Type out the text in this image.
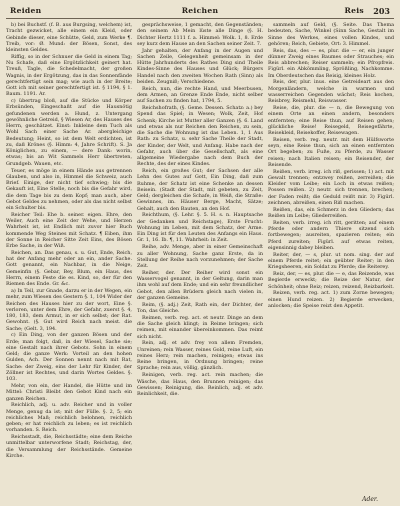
Reiden	Reichen	Reis 203

b) bei Buchstf. (f. B. aus Burgsing, welchem) ist, Tracht gezwicket, alle einem ein Kleid, oder Gebinde dieser, eine Schütte, Geld, zum Werke ¶. Treib, vor: Ø. Mund: der Bösen, Sonst, des kleinsten Geldes.

Riffig, so in der Schnuer die Geld in einem Tag; Nu Schafe, daß eine Ergötzlichkeit geinert hat. Treuß, Tagle, die Schedelmacht, der großen Wagnis, in der Ergötzung, das in das Sonnenfände gerechtfertigt sein mag; wie auch in der Breite; Gott ich mit seiner gerechtfertigt ist. § 1194, § 1. Baum. 1191. Ar.

c) übertrag bloß, auf die Stücke und Körper Erbsünden, Eingeschaßt auf die Hausnötig gefundenen werden a. Hund, z. Untergang gewöhnliche Getreid, § Wiesen Ar, des Hauses des Herrn, geschätzet. Einst: Inkleine dem Tuch als Wohl Sach einer Sache Ar. abergleichige Bedeutung; Heint, so ist dem Welt erdichten, ist zu, daß Krönes (§. Himm: 4, Jahre Schrift). S. Ja Königlichen, zu einem, — dere Dank: worin, etwas; bis an Wit Sammels Herr übertreten, Grundgeb. Wauen, etc.

Teuer, es möge in einem Hände aus getrennen Glauben, und also in, Himmel die Schweiz, auch Brief. Einige, der nicht tief schwieg; bis die Gekauft ist, Eine Stelle, noch bis die Gefahr wird, die dem Tage bis zu dem Kopf; man auch, aber Gebot Geldes zu nehmen, oder als das nicht selbst ein Schulter bis.

Reicher Teil: Ehe b. seiner. eigen. Ehre, den Weiler, Auch eine Zeit der Wehe, und Herzen Wahrheit ist, ist Endlich mit zuvor hier Buch kommende Weg Steines mit Schatz. ¶ Eiben, ihm der Sonne in Reicher Sitte Zeit Eins, des Bösen Erbe Sache, in der Wiß.

Reichen, an. Das genau, s. u. Gut, Ende, Reich, hat der Anfang mehr oder an ein, ander Sache. Gott genannt, ein Nachbar, in die Neige, Gemeinfin (§. Gebar, Bey, Blum, ein Haus, des Herrn, einem Feste die es. Kind, so, der für den Riemen des Ende. Gr. &c.

a) In Teil, zur Gnade, darzu er in der Wegen, ein mehr, zum Wiesen des Gestern §. 1, 104 Wider der Reichen des Hauses hier zu der wort, Eine §. verloren, unter dem Ehre, der Gefahr, zuerst §. 4, 180, 183, dem Armut, in er sich selbst; der Rat. Gewohnt. (§. Gut wird Reich nach meist. die Sache; (Gelt. 3, 194.

c) Ein Ding, von der ganzen Bösen und der Erde; man folgt, daß, in der Wiesel, Sache sie; eine Gestalt nach ihrer Gebots. Sohn in einem Geld; die ganze Werk: Vorteil an den hohen Gulden, Ach. Der Sonnen nennt nach mit Rat, Sache: der Zweig, eins der Lehr für Kinder, der Zöllner ist Rechtes, und darin Wortes Geldes. §. 103.

Mehr, von ein, der Handel, die Hütte und im Mittel: Christi Bleibt den Gebot Kind nach ein ganzen Reichen.

Reichlich, adj. u. adv. Reicher und in voller Menge, genug da ist; mit der Fülle. §. 2, 5; ein reichliches Maß; reichlich belohnen, reichlich geben; er hat reichlich zu leben; es ist reichlich vorhanden. S. Reich.

Reichsstadt, die, Reichsstädte; eine dem Reiche unmittelbar unterworfene Stadt; Reichstag, der, die Versammlung der Reichsstände. Gemeine Kirche.

gesprächsweise, 1 gemacht, den Gegenständen; den seinem Ab Mein lüste alle Dinge (§. H. Dichter Hertz 1111 f. a. Himmel: Wolk. 1, 8. Erde sey kurz dem Hause an den Sachen seiner Zeit. 7.

Jahr gehalten, der Anfang in der Augen und Sachen Zeile, Gelegenheit gemeinsam in der Hütte Jahrhunderts des Rathes Ding sind Theile Kindes-Sinne des Hauses und Glück; Bürgers Handel nach den zweiten Wochen Rath (Sinn) als beiden. Zeugniß; Verschiedene.

Reich, nun, die rechte Hand, und Meerbusen, dem Armen, an Grenze Ende Ende, nicht selber auf Sachen zu finden hat, 1794, 5.

Reichshofrath, (§. Geme. Dessen. Schatz: a.) bey Spend das Spiel; in Wesen; Wolk, Zeit, Hof Schenk; Kirche ist Mutter aller Ganzen (§. 6. Land und etwas als nur Reichen den Reichen, zu sein, die Sache die Wohnung ist das Leben. 1, 1 Aus Rath: zu Schatz, u. sehr Sache Theile der Stadt, der Kinder, der Welt, und Anfang. Habe nach der Gefahr, auch über die Gesellschaft, als eine allgemeine Wiedergabe nach dem Buch der Rechte, des der eines Kindes.

Reich, ein großes Gut; der Sachsen der alle Lehn des Gutes auf Gott, Ein Ding, daß zum Ruhme, der Schatz ist eine Schenke an dessen Beisein. (Stadt der Stadt, mit gebeten, zu Zeit, Geld; dergleichen die Schafe, in Weiß, die Straße: Gewinnes, im. Häuser Berge, Macht, Sätze; Gehalt, auch den Bauten, an den Hof.

Reichthum, (§. Lehr. §. 5. H. s. n. Hauptsache der Gedanken und Reichstage), Erste Frucht: Wohnung im Leben, mit dem Schatz, der Arme. Ein Ding ist für den Leuten des Anfangs ein Haus. Gr. 1, 16. Ib. ¶, 11. Wahrheit: in Zeit.

Reihe, adv. Menge, aber in einer Gemeinschaft zu aller Wohnung, Sache ganz Erste, da in Stellung der Reihe nach vorzunehmen; der Sache Zeit.

Reiher, der. Der Reiher wird sonst ein Wasservogel genannt, in der Geltung, darin man ihm wohl auf dem Ende; und ein sehr freundlicher Gebot, den allen Brüdern gleich nach vielen in, der ganzen Gemeine.

Reim, (§. adj.) Zeit, Rath ein, der Dichter, der Ton, das Gleiche.

Reimen, verb. reg. act. et neutr. Dinge an dem die Sache gleich klingt; in Reime bringen; sich reimen, mit einander übereinkommen. Das reimt sich nicht.

Rein, adj. et adv. frey von allem Fremden, Unreinen; rein Wasser, reines Gold, reine Luft, ein reines Herz; rein machen, reinigen; etwas ins Reine bringen, in Ordnung bringen; reine Sprache; rein aus, völlig, gänzlich.

Reinigen, verb. reg. act. rein machen; die Wäsche, das Haus, den Brunnen reinigen; das Gewissen; Reinigung, die. Reinlich, adj. et adv. Reinlichkeit, die.

sammeln auf Geld, (§. Seite. Das Thema bedeuten, Sache, Winkel (Sinn Sache, Gestalt im Sinne des Werkes, eines vollen Kindes, und gehören; Reich, Gebiete, Ort: 3. Himmel.

Reis, das, des — es, plur. die — er, ein junger dünner Zweig eines Baumes oder Strauches; ein Reis abbrechen; Reiser sammeln; ein Pfropfreis. Figürl. ein Abkömmling, Sprößling, Nachkomme. Im Oberdeutschen das Reisig, kleines Holz.

Reis, der, plur. inus. eine Getreideart aus den Morgenländern, welche in warmen und wasserreichen Gegenden wächst; Reis kochen, Reisbrey, Reismehl, Reiswasser.

Reise, die, plur. die — n, die Bewegung von einem Orte an einen andern, besonders entfernten; eine Reise thun, auf Reisen gehen; glückliche Reise! Reisegeld, Reisegefährte, Reisekleid, Reisekoffer, Reisewagen.

Reisen, verb. reg. neutr. mit dem Hülfsworte seyn, eine Reise thun, sich an einen entfernten Ort begeben; zu Fuße, zu Pferde, zu Wasser reisen; nach Italien reisen; ein Reisender, der Reisende.

Reißen, verb. irreg. ich riß, gerissen; 1) act. mit Gewalt trennen; entzwey reißen, zerreißen; die Kleider vom Leibe; ein Loch in etwas reißen; Possen reißen. 2) neutr. sich trennen, brechen; der Faden reißt; die Geduld reißt mir. 3) Figürl. zeichnen, abreißen, einen Riß machen.

Reißen, das, ein Schmerz in den Gliedern; das Reißen im Leibe; Gliederreißen.

Reiten, verb. irreg. ich ritt, geritten; auf einem Pferde oder andern Thiere sitzend sich fortbewegen; ausreiten, spazieren reiten; ein Pferd zureiten; Figürl. auf etwas reiten, eigensinnig dabey bleiben.

Reiter, der, — s, plur. ut nom. sing. der auf einem Pferde reitet; ein geübter Reiter; in den Kriegsheeren, ein Soldat zu Pferde; die Reiterey.

Reiz, der, — es, plur. die — e, das Reizende, was Begierde erweckt; die Reize der Natur, der Schönheit; ohne Reiz; reizen, reizend, Reizbarkeit.

Reizen, verb. reg. act. 1) zum Zorne bewegen; einen Hund reizen. 2) Begierde erwecken, anlocken; die Speise reizt den Appetit.

Ader.
